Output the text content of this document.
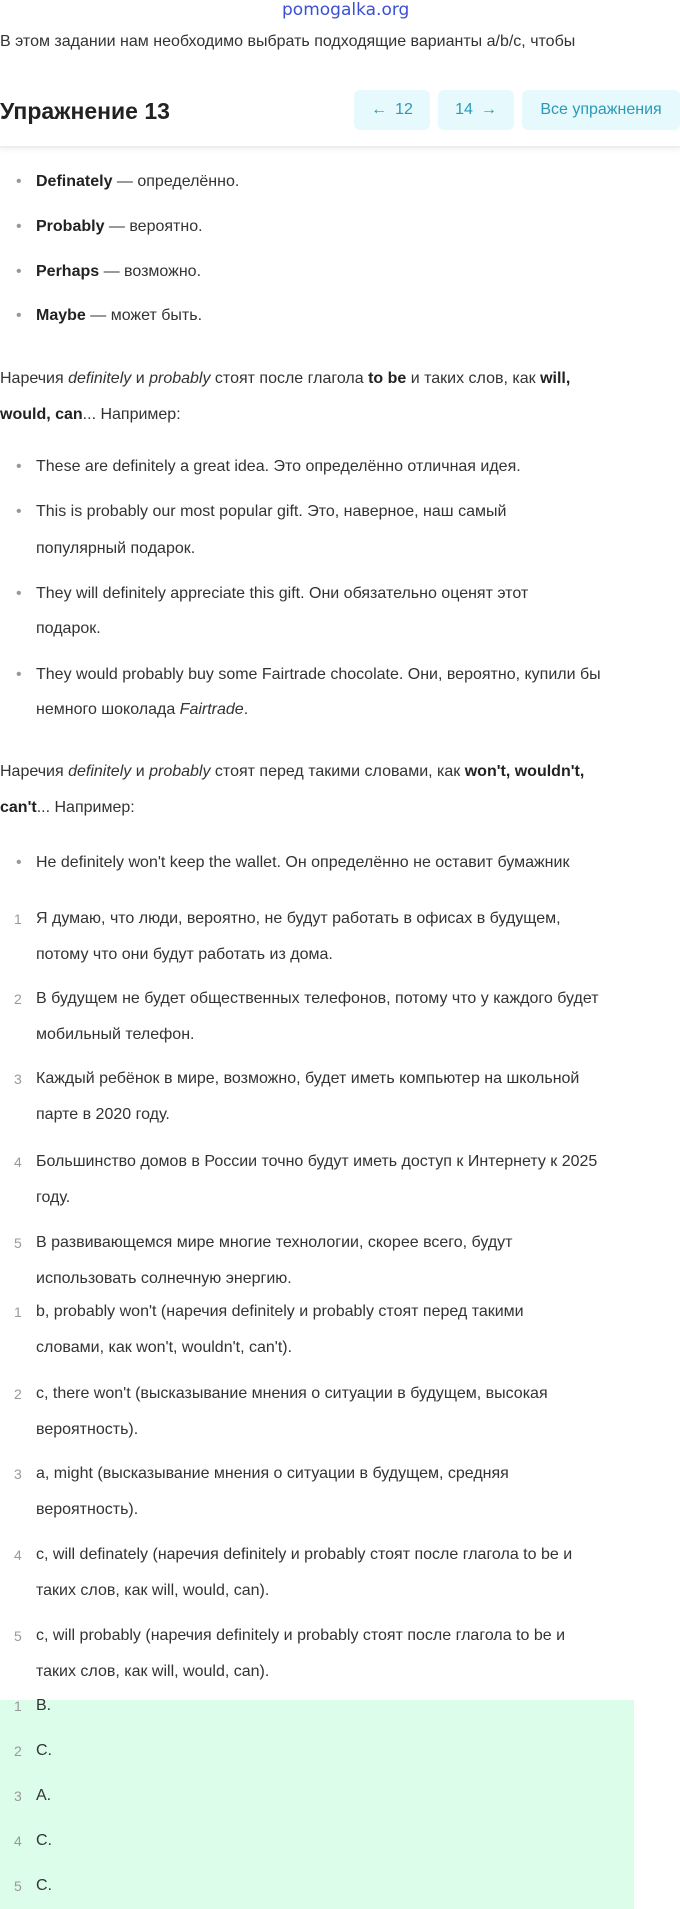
pomogalka.org
В этом задании нам необходимо выбрать подходящие варианты a/b/c, чтобы
Упражнение 13	← 12	14 →	Все упражнения
Наречия definitely и probably стоят после глагола to be и таких слов, как will,
would, can... Например:
Наречия definitely и probably стоят перед такими словами, как won't, wouldn't,
can't... Например:
• He definitely won't keep the wallet. Он определённо не оставит бумажник
• Definately — определённо.
• Probably — вероятно.
• Perhaps — возможно.
• Maybe — может быть.
• These are definitely a great idea. Это определённо отличная идея.
• This is probably our most popular gift. Это, наверное, наш самый
популярный подарок.
• They will definitely appreciate this gift. Они обязательно оценят этот
подарок.
• They would probably buy some Fairtrade chocolate. Они, вероятно, купили бы
немного шоколада Fairtrade.
1 Я думаю, что люди, вероятно, не будут работать в офисах в будущем,
потому что они будут работать из дома.
2 В будущем не будет общественных телефонов, потому что у каждого будет
мобильный телефон.
3 Каждый ребёнок в мире, возможно, будет иметь компьютер на школьной
парте в 2020 году.
4 Большинство домов в России точно будут иметь доступ к Интернету к 2025
году.
5 В развивающемся мире многие технологии, скорее всего, будут
использовать солнечную энергию.
1 b, probably won't (наречия definitely и probably стоят перед такими
словами, как won't, wouldn't, can't).
2 c, there won't (высказывание мнения о ситуации в будущем, высокая
вероятность).
3 a, might (высказывание мнения о ситуации в будущем, средняя
вероятность).
4 c, will definately (наречия definitely и probably стоят после глагола to be и
таких слов, как will, would, can).
5 c, will probably (наречия definitely и probably стоят после глагола to be и
таких слов, как will, would, can).
1 B.
2 C.
3 A.
4 C.
5 C.
